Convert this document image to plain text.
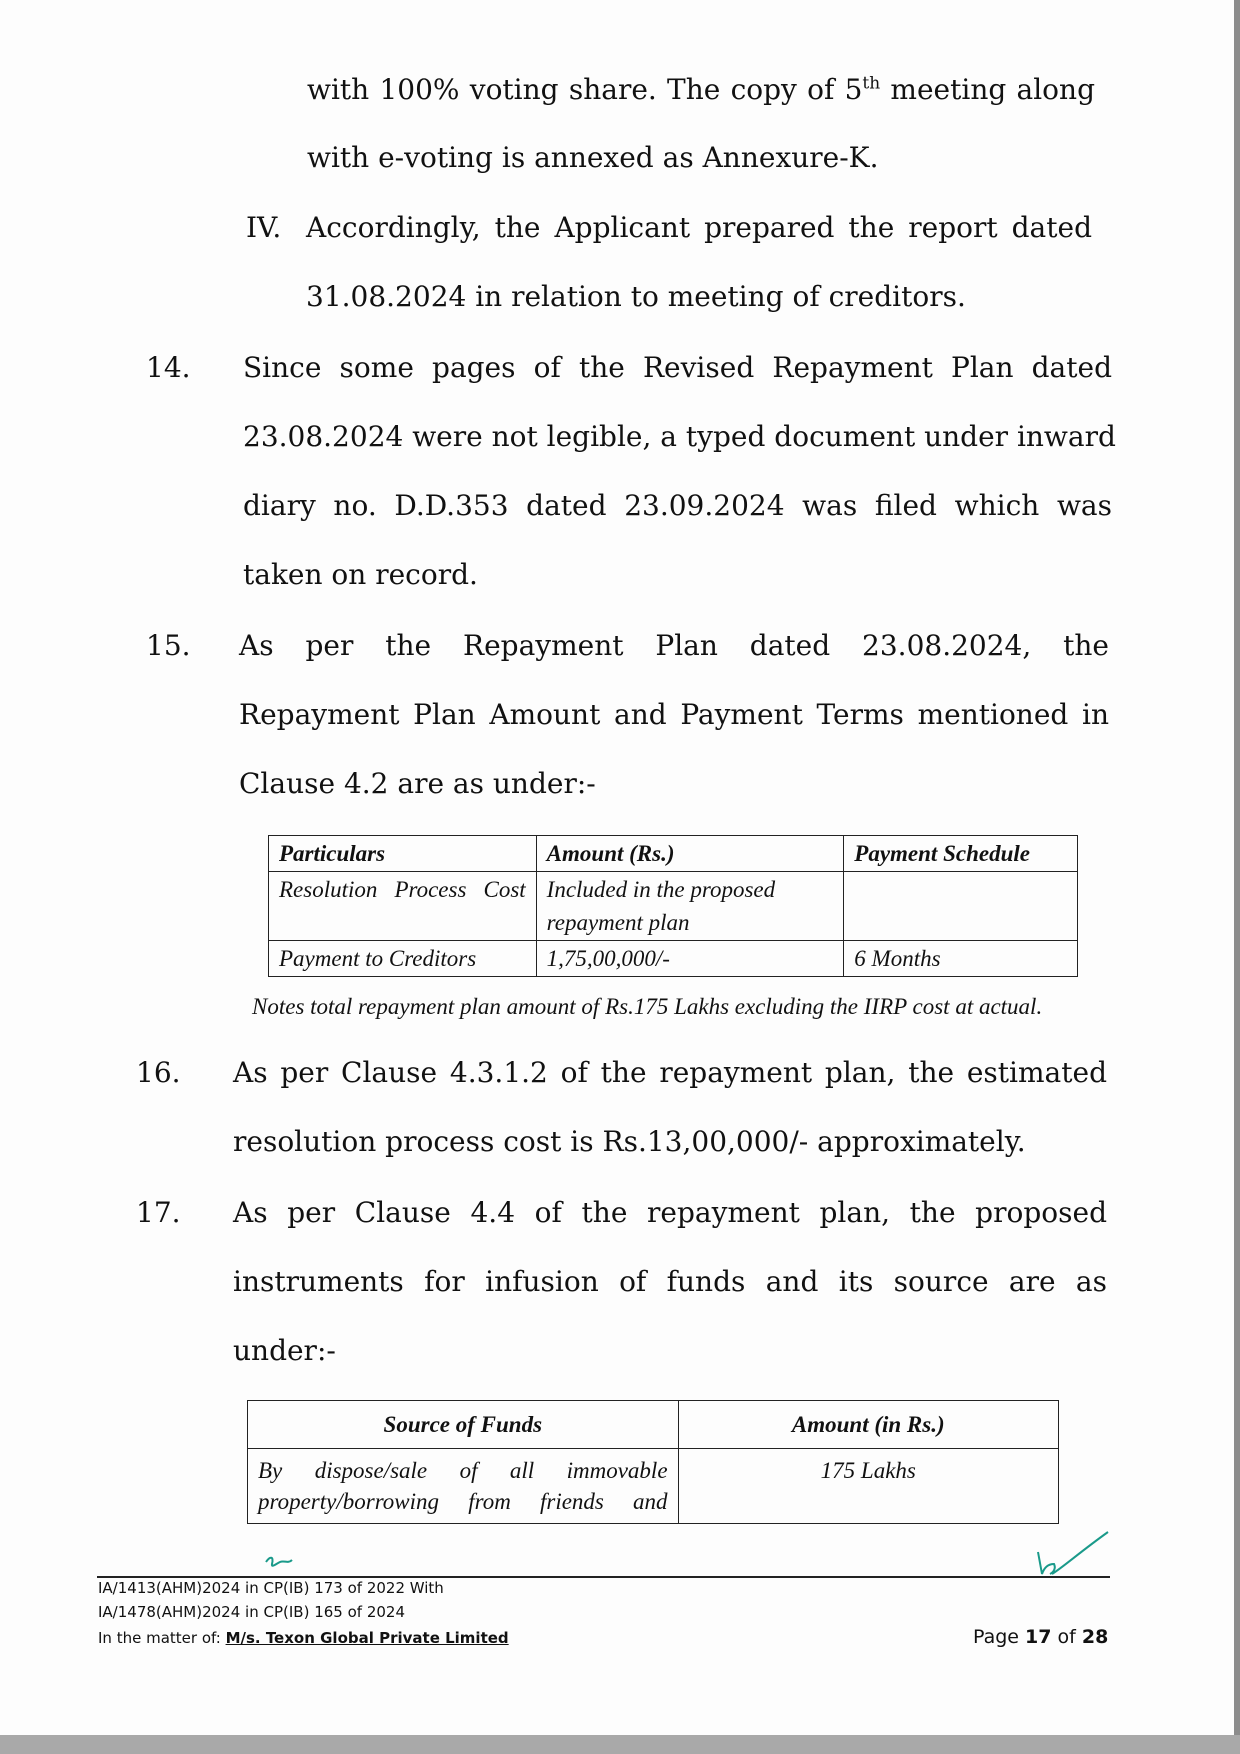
with 100% voting share. The copy of 5th meeting along

with e-voting is annexed as Annexure-K.

IV. Accordingly, the Applicant prepared the report dated

31.08.2024 in relation to meeting of creditors.

14. Since some pages of the Revised Repayment Plan dated

23.08.2024 were not legible, a typed document under inward

diary no. D.D.353 dated 23.09.2024 was filed which was

taken on record.

15. As per the Repayment Plan dated 23.08.2024, the

Repayment Plan Amount and Payment Terms mentioned in

Clause 4.2 are as under:-

Particulars	Amount (Rs.)	Payment Schedule
Resolution Process Cost	Included in the proposed repayment plan	
Payment to Creditors	1,75,00,000/-	6 Months

Notes total repayment plan amount of Rs.175 Lakhs excluding the IIRP cost at actual.

16. As per Clause 4.3.1.2 of the repayment plan, the estimated

resolution process cost is Rs.13,00,000/- approximately.

17. As per Clause 4.4 of the repayment plan, the proposed

instruments for infusion of funds and its source are as

under:-

Source of Funds	Amount (in Rs.)
By dispose/sale of all immovable property/borrowing from friends and	175 Lakhs

IA/1413(AHM)2024 in CP(IB) 173 of 2022 With

IA/1478(AHM)2024 in CP(IB) 165 of 2024

In the matter of: M/s. Texon Global Private Limited	Page 17 of 28
